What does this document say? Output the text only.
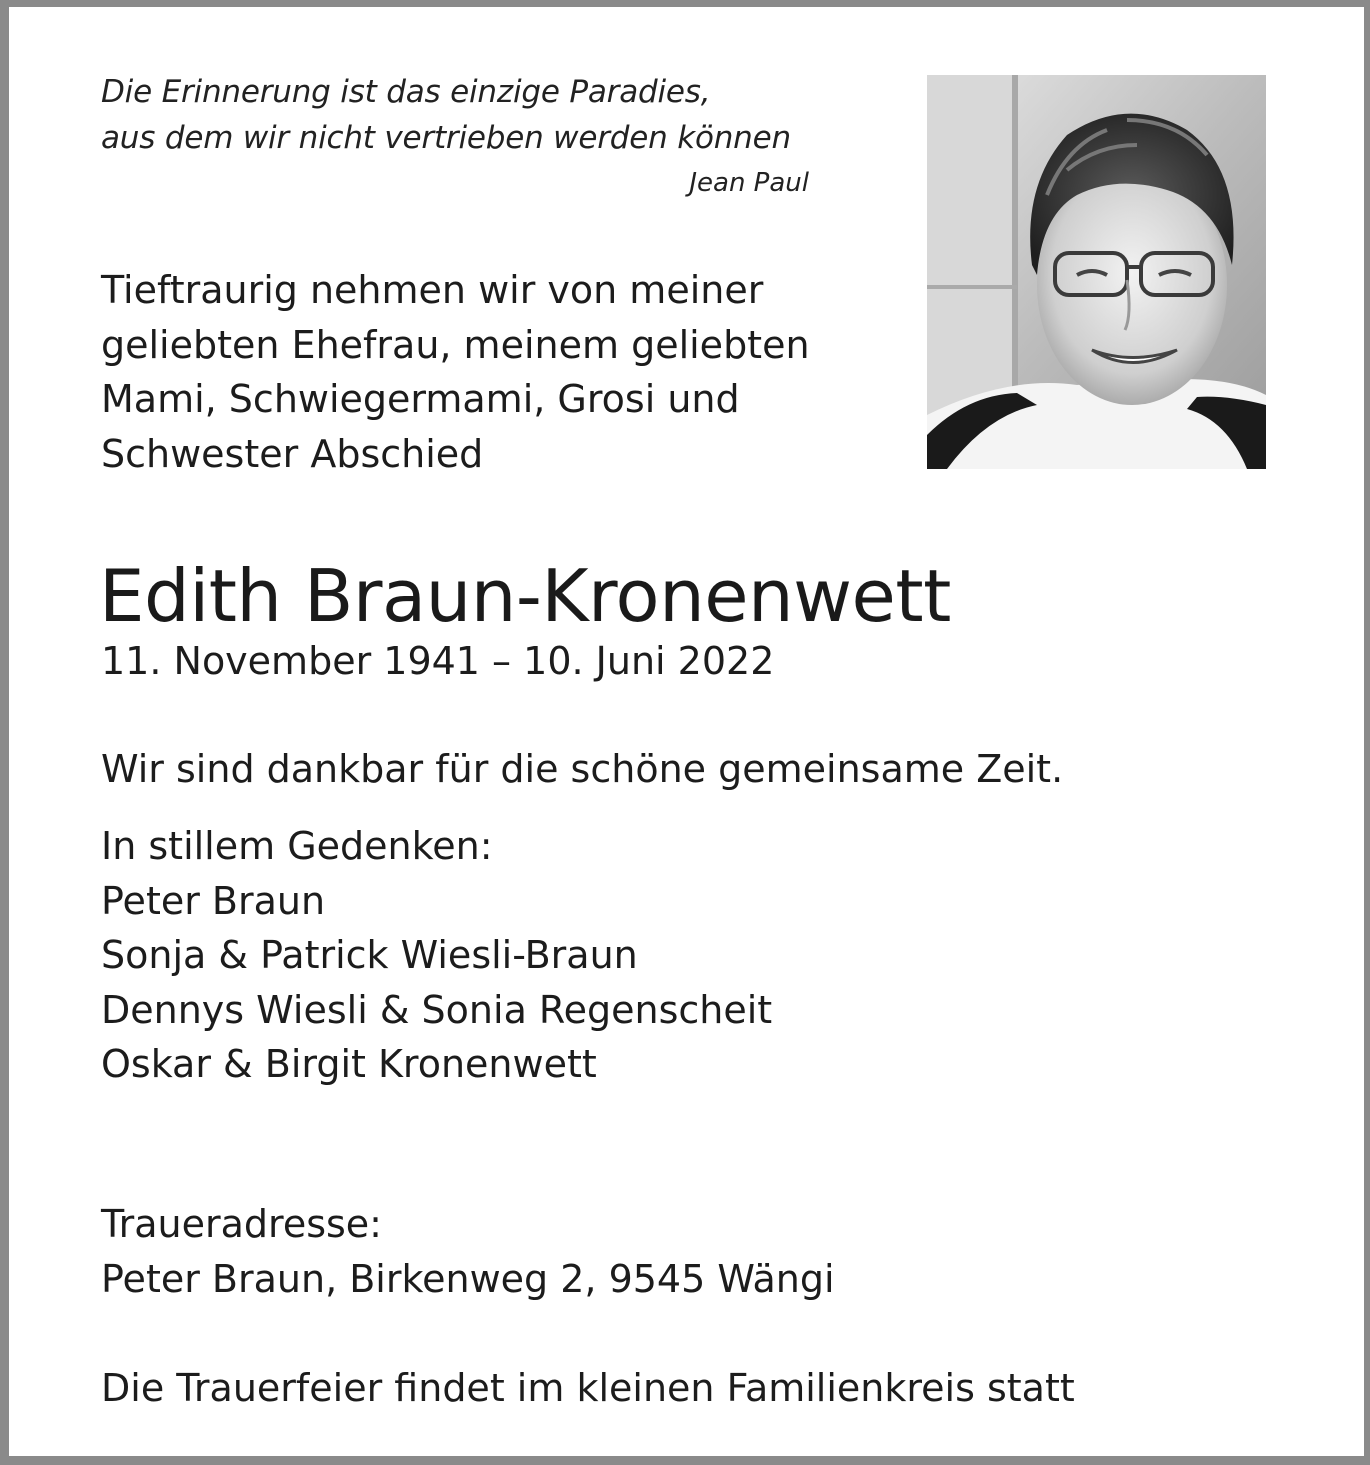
Die Erinnerung ist das einzige Paradies,
aus dem wir nicht vertrieben werden können
Jean Paul
Tieftraurig nehmen wir von meiner
geliebten Ehefrau, meinem geliebten
Mami, Schwiegermami, Grosi und
Schwester Abschied
Edith Braun-Kronenwett
11. November 1941 – 10. Juni 2022
Wir sind dankbar für die schöne gemeinsame Zeit.
In stillem Gedenken:
Peter Braun
Sonja & Patrick Wiesli-Braun
Dennys Wiesli & Sonia Regenscheit
Oskar & Birgit Kronenwett
Traueradresse:
Peter Braun, Birkenweg 2, 9545 Wängi
Die Trauerfeier findet im kleinen Familienkreis statt
